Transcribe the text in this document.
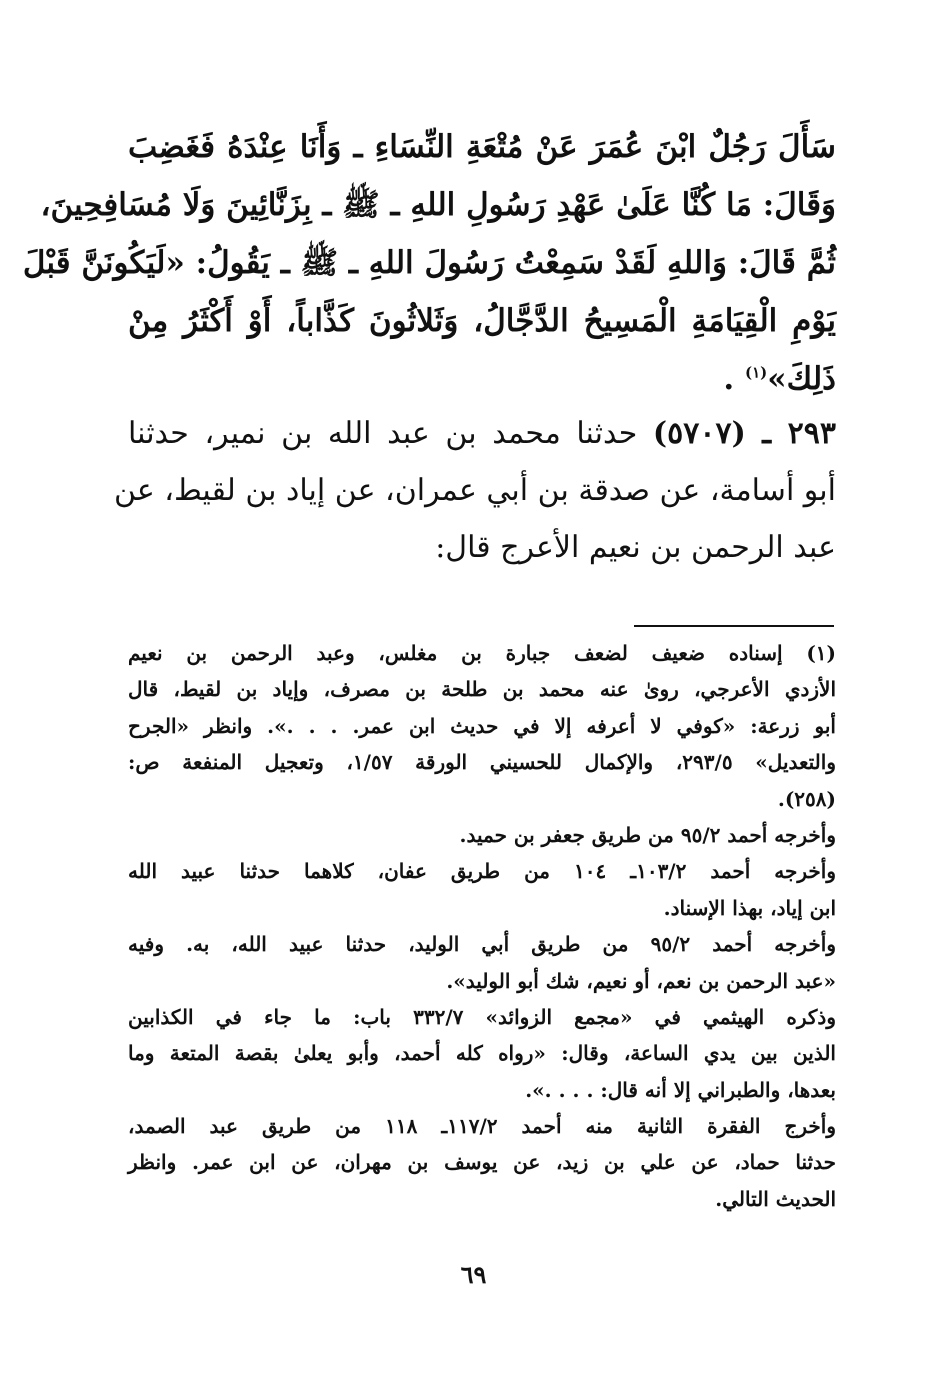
سَأَلَ رَجُلٌ ابْنَ عُمَرَ عَنْ مُتْعَةِ النِّسَاءِ ـ وَأَنَا عِنْدَهُ فَغَضِبَ
وَقَالَ: مَا كُنَّا عَلَىٰ عَهْدِ رَسُولِ اللهِ ـ ﷺ ـ بِزَنَّائِينَ وَلَا مُسَافِحِينَ،
ثُمَّ قَالَ: وَاللهِ لَقَدْ سَمِعْتُ رَسُولَ اللهِ ـ ﷺ ـ يَقُولُ: «لَيَكُونَنَّ قَبْلَ
يَوْمِ الْقِيَامَةِ الْمَسِيحُ الدَّجَّالُ، وَثَلاثُونَ كَذَّاباً، أَوْ أَكْثَرُ مِنْ
ذَلِكَ»$^{(١)}$ .
٢٩٣ ـ (٥٧٠٧) حدثنا محمد بن عبد الله بن نمير، حدثنا
أبو أسامة، عن صدقة بن أبي عمران، عن إياد بن لقيط، عن
عبد الرحمن بن نعيم الأعرج قال:
(١) إسناده ضعيف لضعف جبارة بن مغلس، وعبد الرحمن بن نعيم
الأزدي الأعرجي، روىٰ عنه محمد بن طلحة بن مصرف، وإياد بن لقيط، قال
أبو زرعة: «كوفي لا أعرفه إلا في حديث ابن عمر. . . .». وانظر «الجرح
والتعديل» ٢٩٣/٥، والإكمال للحسيني الورقة ١/٥٧، وتعجيل المنفعة ص:
(٢٥٨).
وأخرجه أحمد ٩٥/٢ من طريق جعفر بن حميد.
وأخرجه أحمد ١٠٣/٢ـ ١٠٤ من طريق عفان، كلاهما حدثنا عبيد الله
ابن إياد، بهذا الإسناد.
وأخرجه أحمد ٩٥/٢ من طريق أبي الوليد، حدثنا عبيد الله، به. وفيه
«عبد الرحمن بن نعم، أو نعيم، شك أبو الوليد».
وذكره الهيثمي في «مجمع الزوائد» ٣٣٢/٧ باب: ما جاء في الكذابين
الذين بين يدي الساعة، وقال: «رواه كله أحمد، وأبو يعلىٰ بقصة المتعة وما
بعدها، والطبراني إلا أنه قال: . . . .».
وأخرج الفقرة الثانية منه أحمد ١١٧/٢ـ ١١٨ من طريق عبد الصمد،
حدثنا حماد، عن علي بن زيد، عن يوسف بن مهران، عن ابن عمر. وانظر
الحديث التالي.
٦٩
